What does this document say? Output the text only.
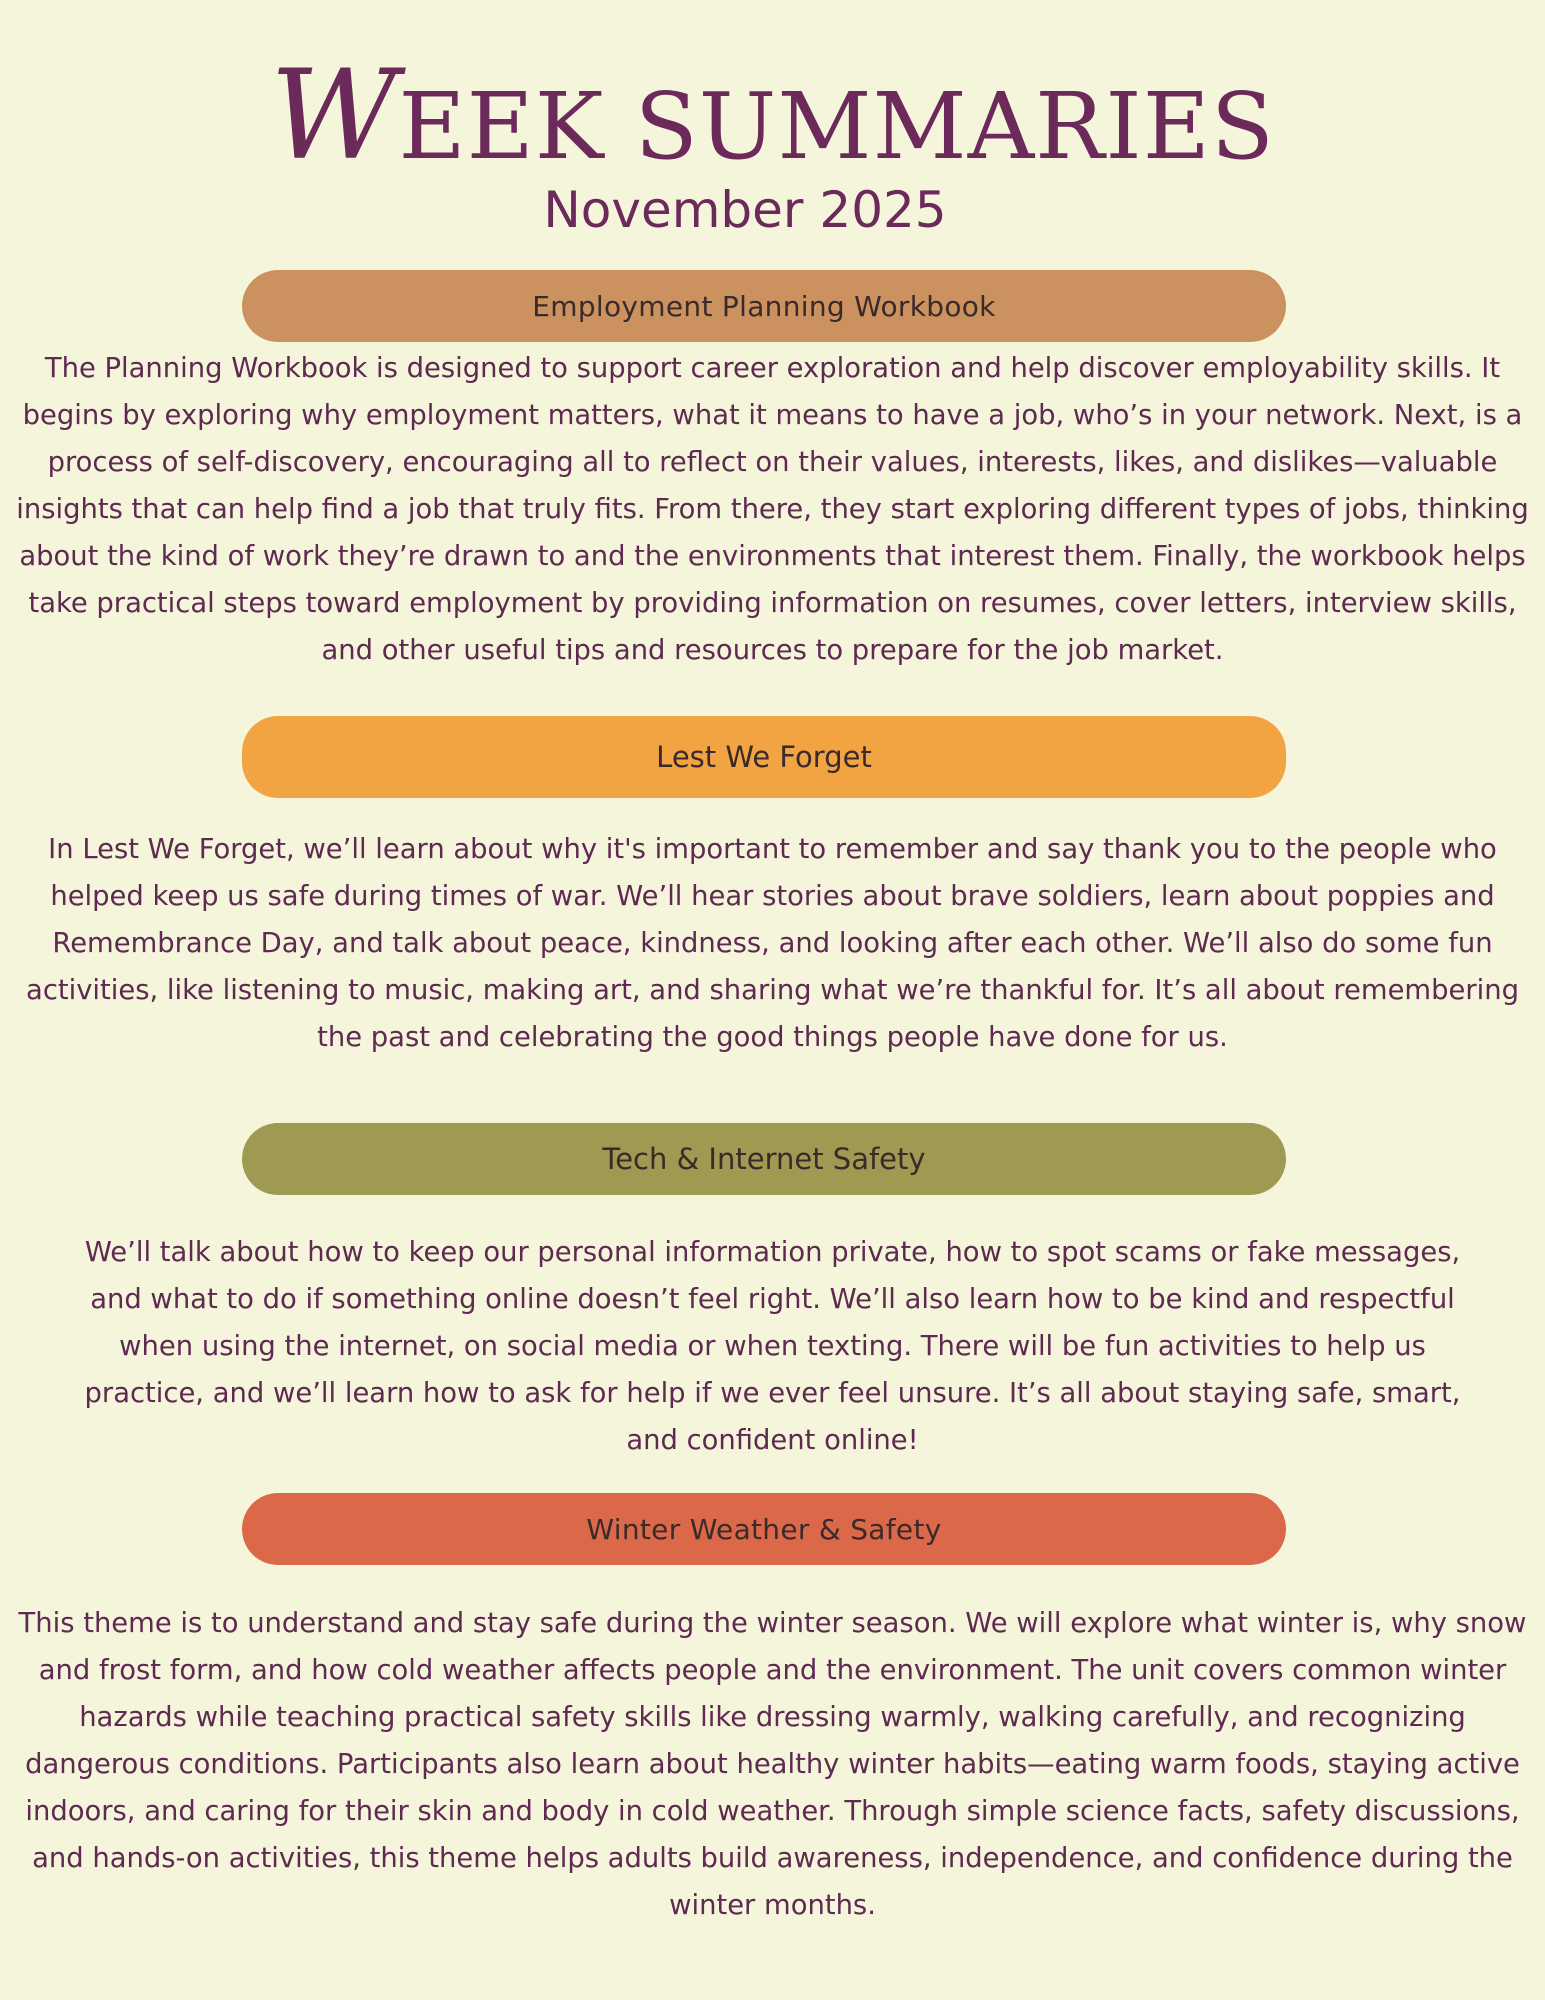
WEEK SUMMARIES
November 2025
Employment Planning Workbook

The Planning Workbook is designed to support career exploration and help discover employability skills. It begins by exploring why employment matters, what it means to have a job, who’s in your network. Next, is a process of self-discovery, encouraging all to reflect on their values, interests, likes, and dislikes—valuable insights that can help find a job that truly fits. From there, they start exploring different types of jobs, thinking about the kind of work they’re drawn to and the environments that interest them. Finally, the workbook helps take practical steps toward employment by providing information on resumes, cover letters, interview skills, and other useful tips and resources to prepare for the job market.

Lest We Forget

In Lest We Forget, we’ll learn about why it's important to remember and say thank you to the people who helped keep us safe during times of war. We’ll hear stories about brave soldiers, learn about poppies and Remembrance Day, and talk about peace, kindness, and looking after each other. We’ll also do some fun activities, like listening to music, making art, and sharing what we’re thankful for. It’s all about remembering the past and celebrating the good things people have done for us.

Tech & Internet Safety

We’ll talk about how to keep our personal information private, how to spot scams or fake messages, and what to do if something online doesn’t feel right. We’ll also learn how to be kind and respectful when using the internet, on social media or when texting. There will be fun activities to help us practice, and we’ll learn how to ask for help if we ever feel unsure. It’s all about staying safe, smart, and confident online!

Winter Weather & Safety

This theme is to understand and stay safe during the winter season. We will explore what winter is, why snow and frost form, and how cold weather affects people and the environment. The unit covers common winter hazards while teaching practical safety skills like dressing warmly, walking carefully, and recognizing dangerous conditions. Participants also learn about healthy winter habits—eating warm foods, staying active indoors, and caring for their skin and body in cold weather. Through simple science facts, safety discussions, and hands-on activities, this theme helps adults build awareness, independence, and confidence during the winter months.
